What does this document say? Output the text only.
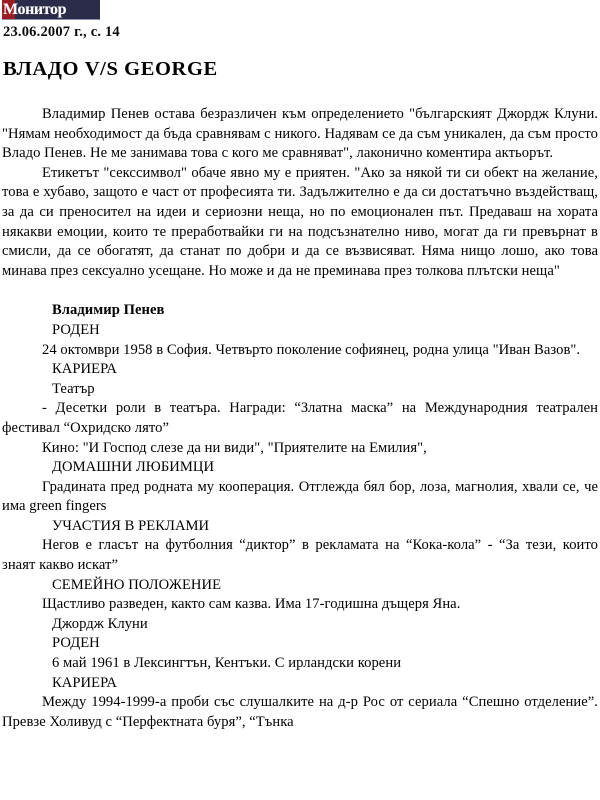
Монитор
23.06.2007 г., с. 14
ВЛАДО V/S GEORGE

Владимир Пенев остава безразличен към определението "българският Джордж Клуни. "Нямам необходимост да бъда сравнявам с никого. Надявам се да съм уникален, да съм просто Владо Пенев. Не ме занимава това с кого ме сравняват", лаконично коментира актьорът.

Етикетът "секссимвол" обаче явно му е приятен. "Ако за някой ти си обект на желание, това е хубаво, защото е част от професията ти. Задължително е да си достатъчно въздействащ, за да си преносител на идеи и сериозни неща, но по емоционален път. Предаваш на хората някакви емоции, които те преработвайки ги на подсъзнателно ниво, могат да ги превърнат в смисли, да се обогатят, да станат по добри и да се възвисяват. Няма нищо лошо, ако това минава през сексуално усещане. Но може и да не преминава през толкова плътски неща"

Владимир Пенев

РОДЕН

24 октомври 1958 в София. Четвърто поколение софиянец, родна улица "Иван Вазов".

КАРИЕРА

Театър

- Десетки роли в театъра. Награди: “Златна маска” на Международния театрален фестивал “Охридско лято”

Кино: "И Господ слезе да ни види", "Приятелите на Емилия",

ДОМАШНИ ЛЮБИМЦИ

Градината пред родната му кооперация. Отглежда бял бор, лоза, магнолия, хвали се, че има green fingers

УЧАСТИЯ В РЕКЛАМИ

Негов е гласът на футболния “диктор” в рекламата на “Кока-кола” - “За тези, които знаят какво искат”

СЕМЕЙНО ПОЛОЖЕНИЕ

Щастливо разведен, както сам казва. Има 17-годишна дъщеря Яна.

Джордж Клуни

РОДЕН

6 май 1961 в Лексингтън, Кентъки. С ирландски корени

КАРИЕРА

Между 1994-1999-а проби със слушалките на д-р Рос от сериала “Спешно отделение”. Превзе Холивуд с “Перфектната буря”, “Тънка
